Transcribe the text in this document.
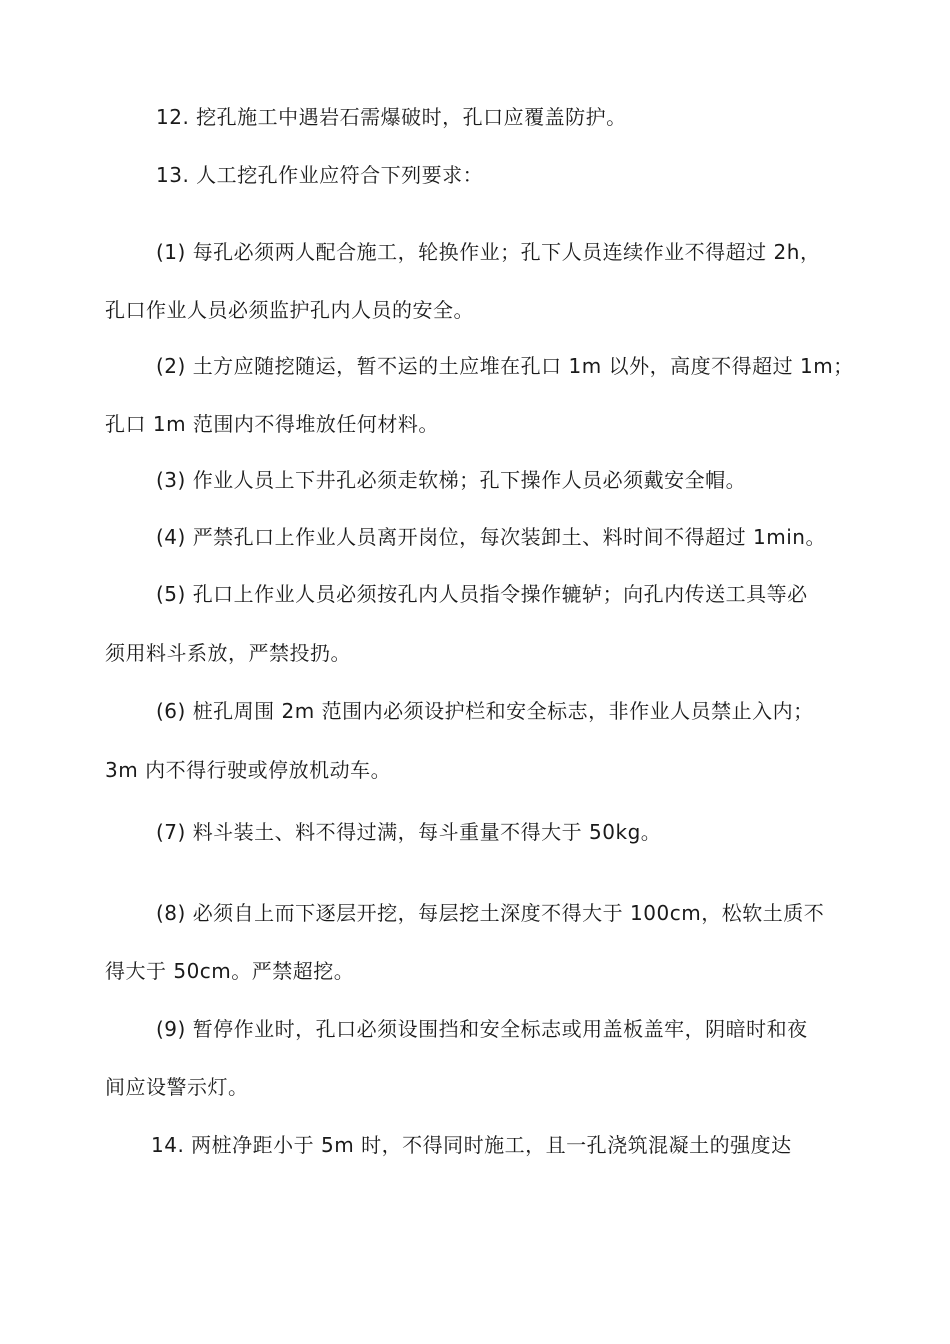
12. 挖孔施工中遇岩石需爆破时，孔口应覆盖防护。
13. 人工挖孔作业应符合下列要求：
(1) 每孔必须两人配合施工，轮换作业；孔下人员连续作业不得超过 2h，
孔口作业人员必须监护孔内人员的安全。
(2) 土方应随挖随运，暂不运的土应堆在孔口 1m 以外，高度不得超过 1m；
孔口 1m 范围内不得堆放任何材料。
(3) 作业人员上下井孔必须走软梯；孔下操作人员必须戴安全帽。
(4) 严禁孔口上作业人员离开岗位，每次装卸土、料时间不得超过 1min。
(5) 孔口上作业人员必须按孔内人员指令操作辘轳；向孔内传送工具等必
须用料斗系放，严禁投扔。
(6) 桩孔周围 2m 范围内必须设护栏和安全标志，非作业人员禁止入内；
3m 内不得行驶或停放机动车。
(7) 料斗装土、料不得过满，每斗重量不得大于 50kg。
(8) 必须自上而下逐层开挖，每层挖土深度不得大于 100cm，松软土质不
得大于 50cm。严禁超挖。
(9) 暂停作业时，孔口必须设围挡和安全标志或用盖板盖牢，阴暗时和夜
间应设警示灯。
14. 两桩净距小于 5m 时，不得同时施工，且一孔浇筑混凝土的强度达
